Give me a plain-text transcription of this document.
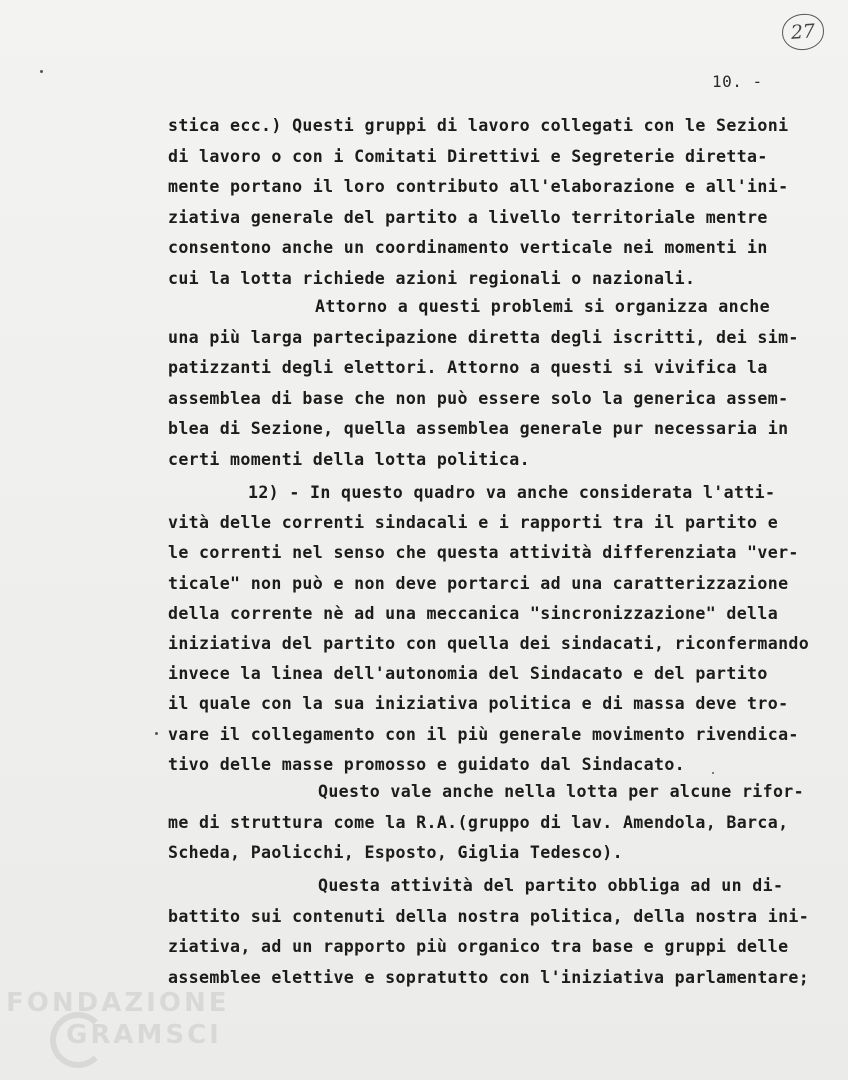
27
10. -
stica ecc.) Questi gruppi di lavoro collegati con le Sezioni
di lavoro o con i Comitati Direttivi e Segreterie diretta-
mente portano il loro contributo all'elaborazione e all'ini-
ziativa generale del partito a livello territoriale mentre
consentono anche un coordinamento verticale nei momenti in
cui la lotta richiede azioni regionali o nazionali.
Attorno a questi problemi si organizza anche
una più larga partecipazione diretta degli iscritti, dei sim-
patizzanti degli elettori. Attorno a questi si vivifica la
assemblea di base che non può essere solo la generica assem-
blea di Sezione, quella assemblea generale pur necessaria in
certi momenti della lotta politica.
12) - In questo quadro va anche considerata l'atti-
vità delle correnti sindacali e i rapporti tra il partito e
le correnti nel senso che questa attività differenziata "ver-
ticale" non può e non deve portarci ad una caratterizzazione
della corrente nè ad una meccanica "sincronizzazione" della
iniziativa del partito con quella dei sindacati, riconfermando
invece la linea dell'autonomia del Sindacato e del partito
il quale con la sua iniziativa politica e di massa deve tro-
vare il collegamento con il più generale movimento rivendica-
tivo delle masse promosso e guidato dal Sindacato.
Questo vale anche nella lotta per alcune rifor-
me di struttura come la R.A.(gruppo di lav. Amendola, Barca,
Scheda, Paolicchi, Esposto, Giglia Tedesco).
Questa attività del partito obbliga ad un di-
battito sui contenuti della nostra politica, della nostra ini-
ziativa, ad un rapporto più organico tra base e gruppi delle
assemblee elettive e sopratutto con l'iniziativa parlamentare;
FONDAZIONE
GRAMSCI
